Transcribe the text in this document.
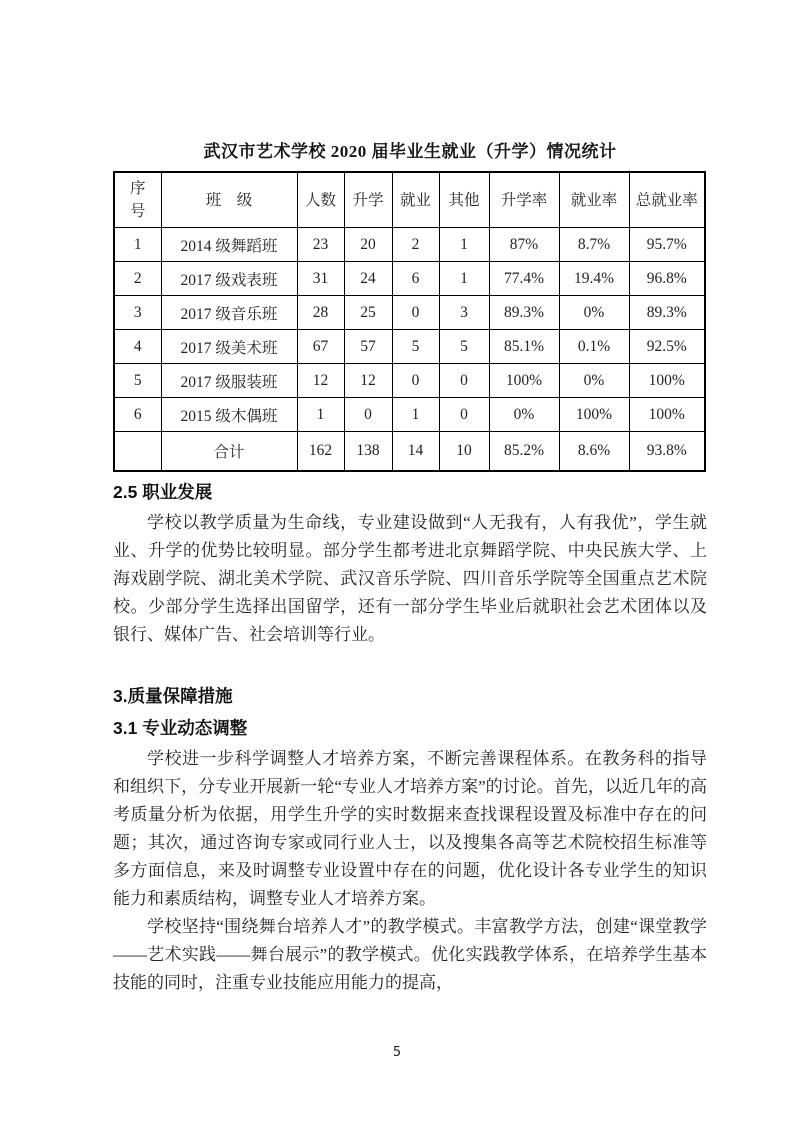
武汉市艺术学校 2020 届毕业生就业（升学）情况统计
序号	班　级	人数	升学	就业	其他	升学率	就业率	总就业率
1	2014 级舞蹈班	23	20	2	1	87%	8.7%	95.7%
2	2017 级戏表班	31	24	6	1	77.4%	19.4%	96.8%
3	2017 级音乐班	28	25	0	3	89.3%	0%	89.3%
4	2017 级美术班	67	57	5	5	85.1%	0.1%	92.5%
5	2017 级服装班	12	12	0	0	100%	0%	100%
6	2015 级木偶班	1	0	1	0	0%	100%	100%
	合计	162	138	14	10	85.2%	8.6%	93.8%
2.5 职业发展

学校以教学质量为生命线，专业建设做到“人无我有，人有我优”，学生就业、升学的优势比较明显。部分学生都考进北京舞蹈学院、中央民族大学、上海戏剧学院、湖北美术学院、武汉音乐学院、四川音乐学院等全国重点艺术院校。少部分学生选择出国留学，还有一部分学生毕业后就职社会艺术团体以及银行、媒体广告、社会培训等行业。

3.质量保障措施
3.1 专业动态调整

学校进一步科学调整人才培养方案，不断完善课程体系。在教务科的指导和组织下，分专业开展新一轮“专业人才培养方案”的讨论。首先，以近几年的高考质量分析为依据，用学生升学的实时数据来查找课程设置及标准中存在的问题；其次，通过咨询专家或同行业人士，以及搜集各高等艺术院校招生标准等多方面信息，来及时调整专业设置中存在的问题，优化设计各专业学生的知识能力和素质结构，调整专业人才培养方案。

学校坚持“围绕舞台培养人才”的教学模式。丰富教学方法，创建“课堂教学——艺术实践——舞台展示”的教学模式。优化实践教学体系，在培养学生基本技能的同时，注重专业技能应用能力的提高，

5
